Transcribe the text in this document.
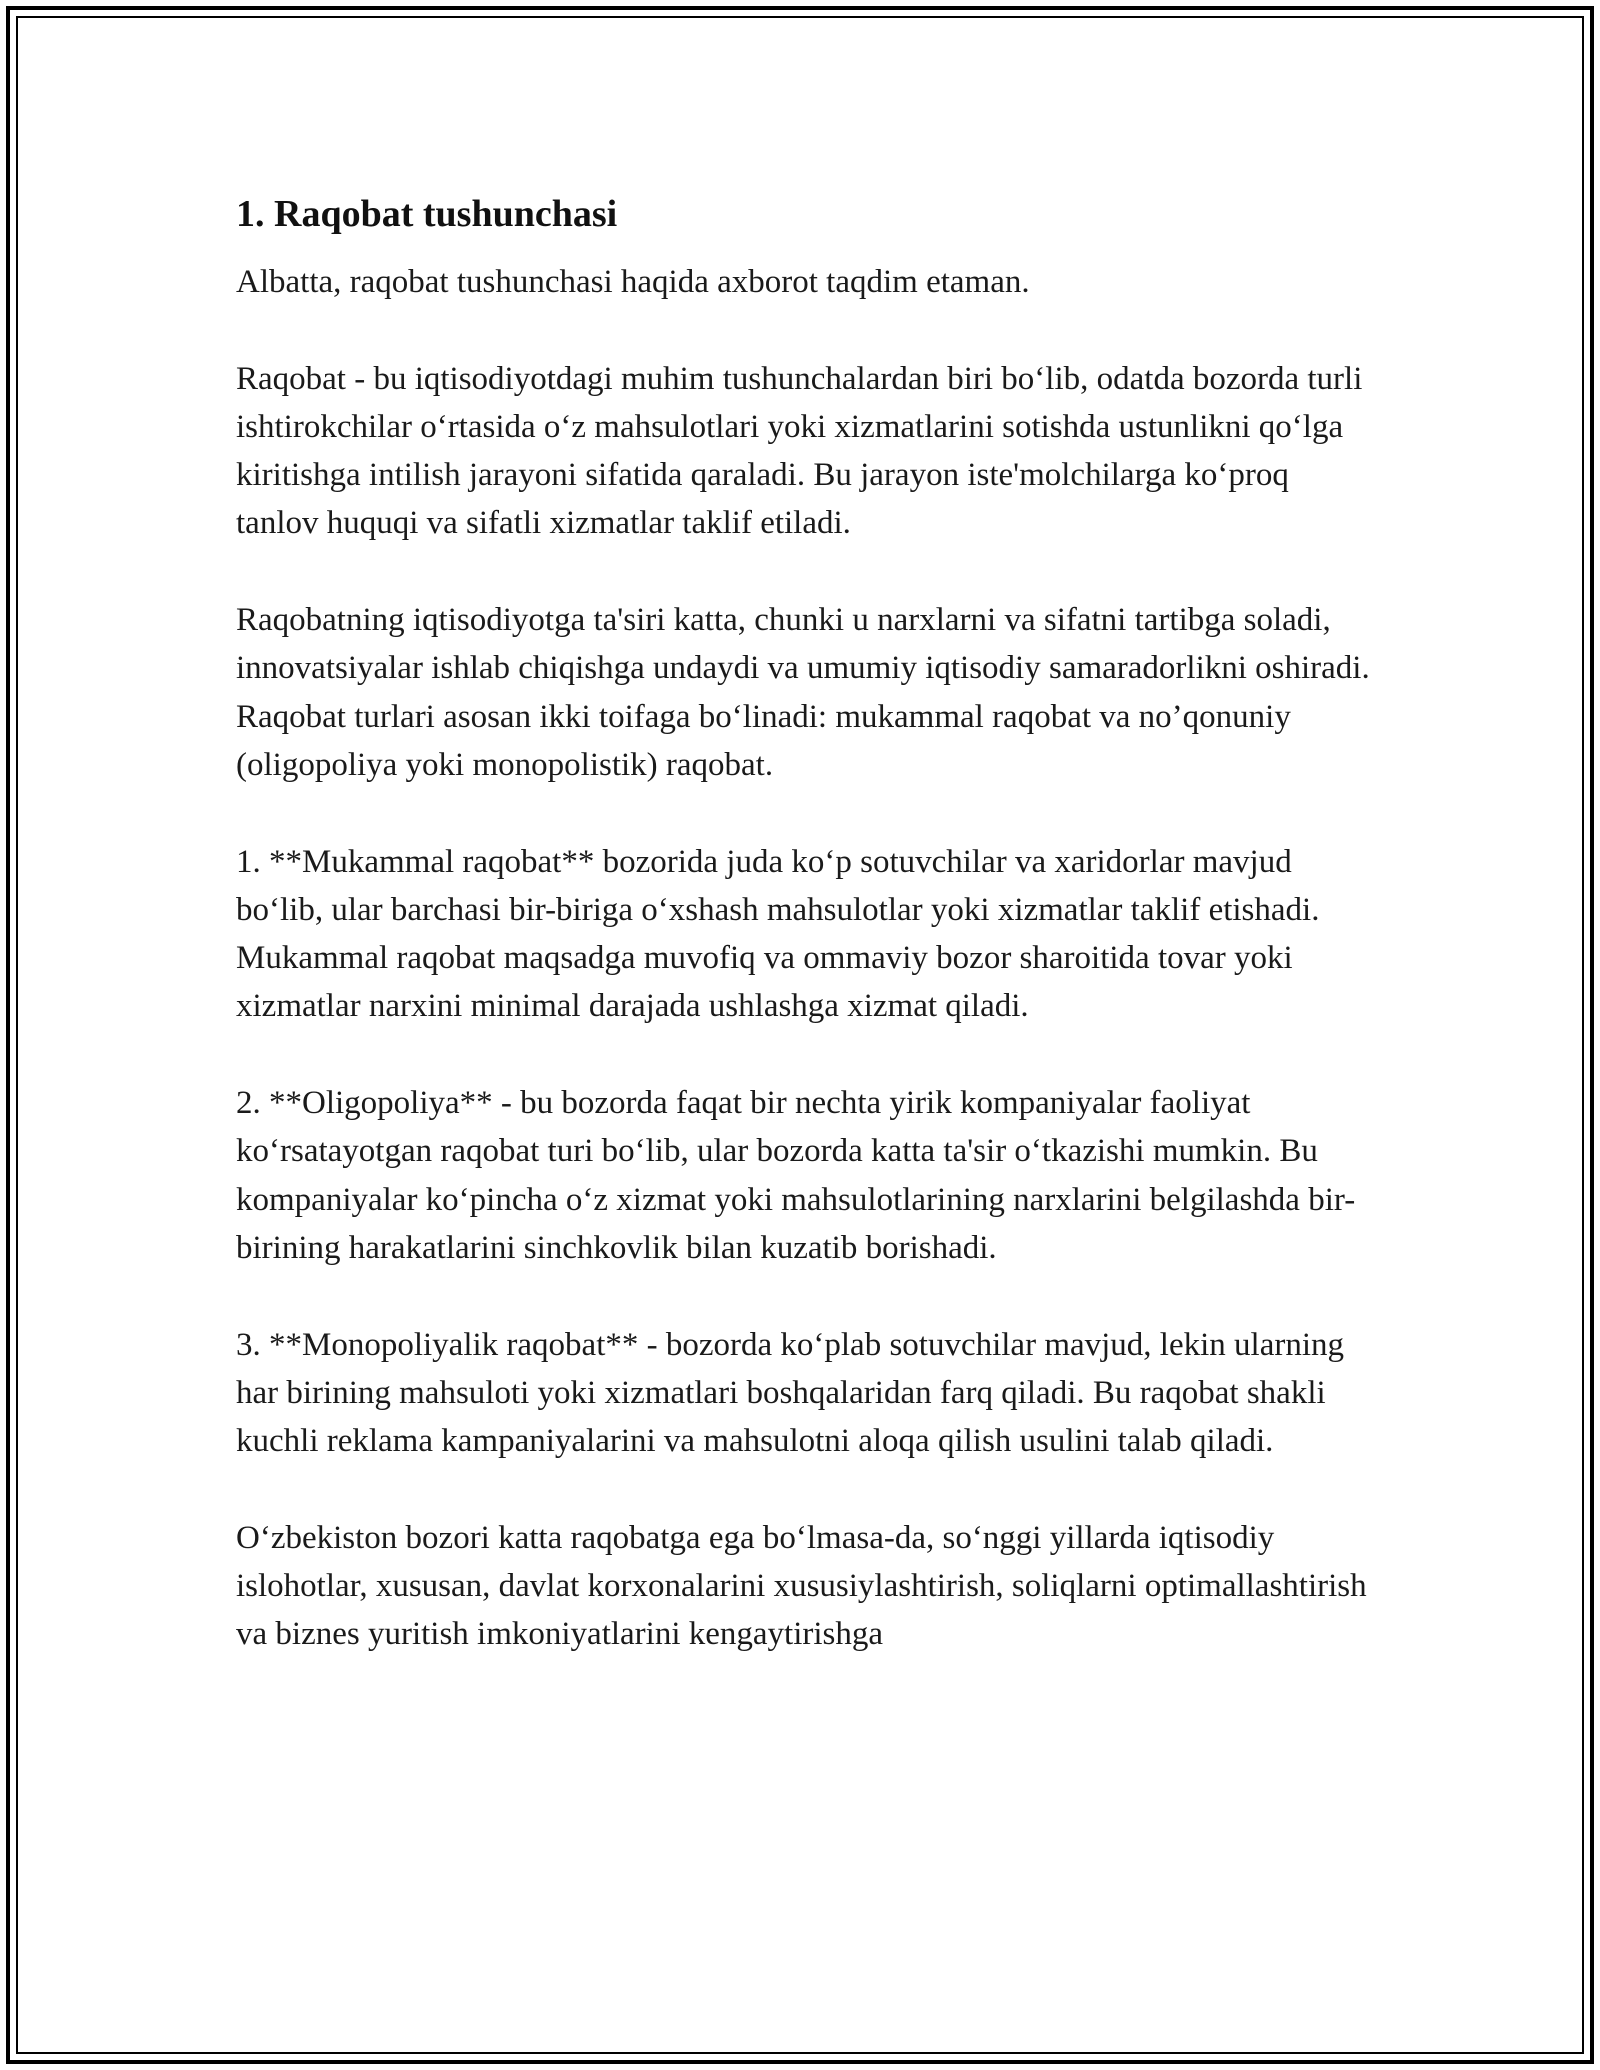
1. Raqobat tushunchasi

Albatta, raqobat tushunchasi haqida axborot taqdim etaman.

Raqobat - bu iqtisodiyotdagi muhim tushunchalardan biri boʻlib, odatda bozorda turli ishtirokchilar oʻrtasida oʻz mahsulotlari yoki xizmatlarini sotishda ustunlikni qoʻlga kiritishga intilish jarayoni sifatida qaraladi. Bu jarayon iste'molchilarga koʻproq tanlov huquqi va sifatli xizmatlar taklif etiladi.

Raqobatning iqtisodiyotga ta'siri katta, chunki u narxlarni va sifatni tartibga soladi, innovatsiyalar ishlab chiqishga undaydi va umumiy iqtisodiy samaradorlikni oshiradi. Raqobat turlari asosan ikki toifaga boʻlinadi: mukammal raqobat va no’qonuniy (oligopoliya yoki monopolistik) raqobat.

1. **Mukammal raqobat** bozorida juda koʻp sotuvchilar va xaridorlar mavjud boʻlib, ular barchasi bir-biriga oʻxshash mahsulotlar yoki xizmatlar taklif etishadi. Mukammal raqobat maqsadga muvofiq va ommaviy bozor sharoitida tovar yoki xizmatlar narxini minimal darajada ushlashga xizmat qiladi.

2. **Oligopoliya** - bu bozorda faqat bir nechta yirik kompaniyalar faoliyat koʻrsatayotgan raqobat turi boʻlib, ular bozorda katta ta'sir oʻtkazishi mumkin. Bu kompaniyalar koʻpincha oʻz xizmat yoki mahsulotlarining narxlarini belgilashda bir-birining harakatlarini sinchkovlik bilan kuzatib borishadi.

3. **Monopoliyalik raqobat** - bozorda koʻplab sotuvchilar mavjud, lekin ularning har birining mahsuloti yoki xizmatlari boshqalaridan farq qiladi. Bu raqobat shakli kuchli reklama kampaniyalarini va mahsulotni aloqa qilish usulini talab qiladi.

Oʻzbekiston bozori katta raqobatga ega boʻlmasa-da, soʻnggi yillarda iqtisodiy islohotlar, xususan, davlat korxonalarini xususiylashtirish, soliqlarni optimallashtirish va biznes yuritish imkoniyatlarini kengaytirishga
